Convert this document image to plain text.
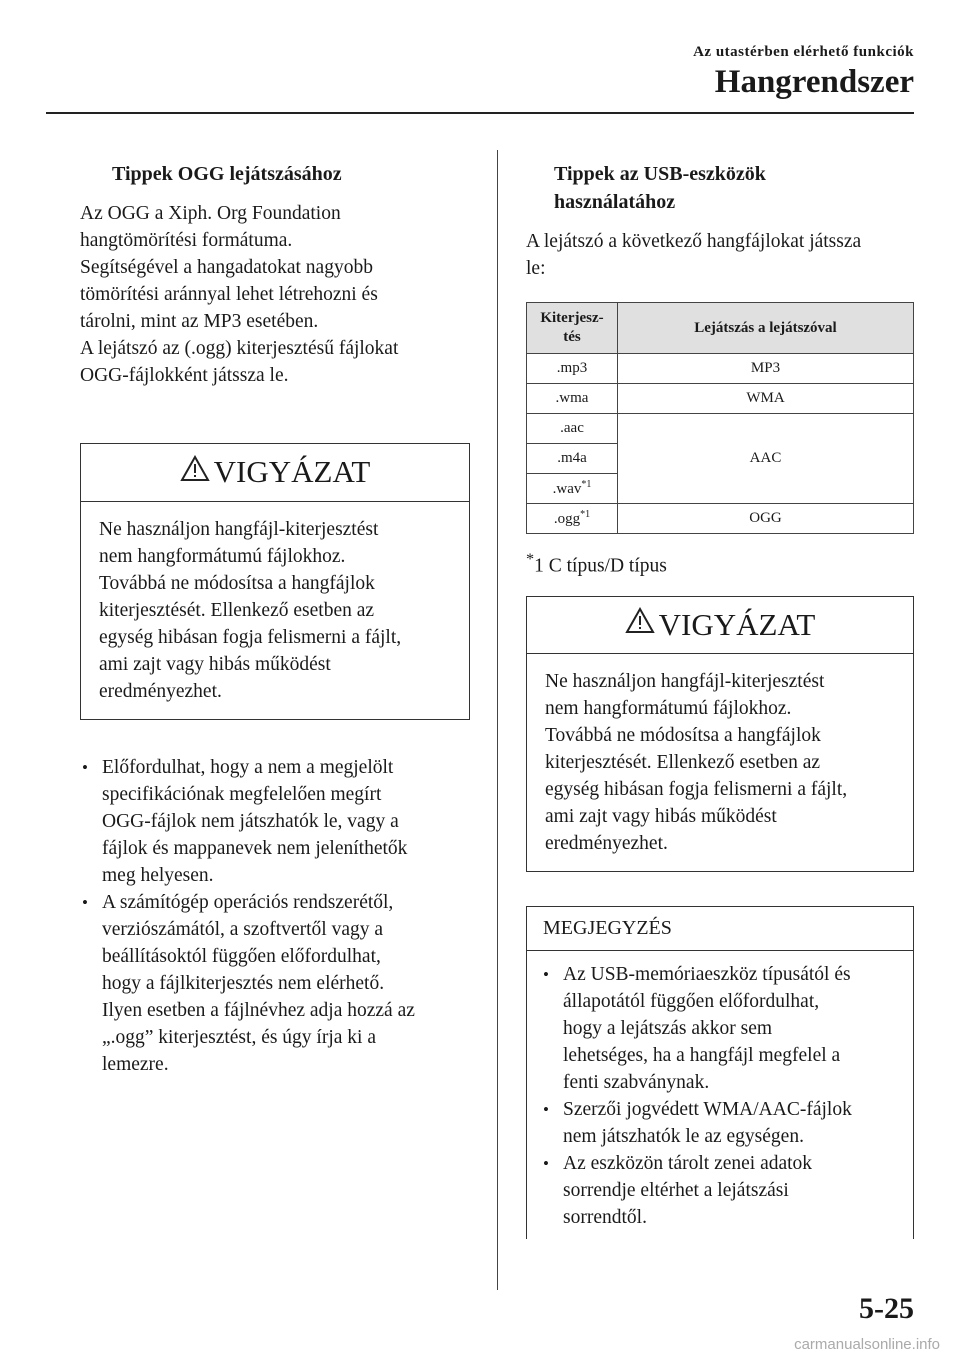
Az utastérben elérhető funkciók
Hangrendszer
Tippek OGG lejátszásához

Az OGG a Xiph. Org Foundation

hangtömörítési formátuma.

Segítségével a hangadatokat nagyobb

tömörítési aránnyal lehet létrehozni és

tárolni, mint az MP3 esetében.

A lejátszó az (.ogg) kiterjesztésű fájlokat

OGG-fájlokként játssza le.

VIGYÁZAT

Ne használjon hangfájl-kiterjesztést

nem hangformátumú fájlokhoz.

Továbbá ne módosítsa a hangfájlok

kiterjesztését. Ellenkező esetben az

egység hibásan fogja felismerni a fájlt,

ami zajt vagy hibás működést

eredményezhet.

• Előfordulhat, hogy a nem a megjelölt
specifikációnak megfelelően megírt
OGG-fájlok nem játszhatók le, vagy a
fájlok és mappanevek nem jeleníthetők
meg helyesen.
• A számítógép operációs rendszerétől,
verziószámától, a szoftvertől vagy a
beállításoktól függően előfordulhat,
hogy a fájlkiterjesztés nem elérhető.
Ilyen esetben a fájlnévhez adja hozzá az
„.ogg” kiterjesztést, és úgy írja ki a
lemezre.
Tippek az USB-eszközök
használatához

A lejátszó a következő hangfájlokat játssza

le:

Kiterjesz-
tés	Lejátszás a lejátszóval
.mp3	MP3
.wma	WMA
.aac	AAC
.m4a	
.wav$^{*1}$
.ogg$^{*1}$	OGG
*1 C típus/D típus
VIGYÁZAT

Ne használjon hangfájl-kiterjesztést

nem hangformátumú fájlokhoz.

Továbbá ne módosítsa a hangfájlok

kiterjesztését. Ellenkező esetben az

egység hibásan fogja felismerni a fájlt,

ami zajt vagy hibás működést

eredményezhet.

MEGJEGYZÉS
• Az USB-memóriaeszköz típusától és
állapotától függően előfordulhat,
hogy a lejátszás akkor sem
lehetséges, ha a hangfájl megfelel a
fenti szabványnak.
• Szerzői jogvédett WMA/AAC-fájlok
nem játszhatók le az egységen.
• Az eszközön tárolt zenei adatok
sorrendje eltérhet a lejátszási
sorrendtől.
5-25
carmanualsonline.info
